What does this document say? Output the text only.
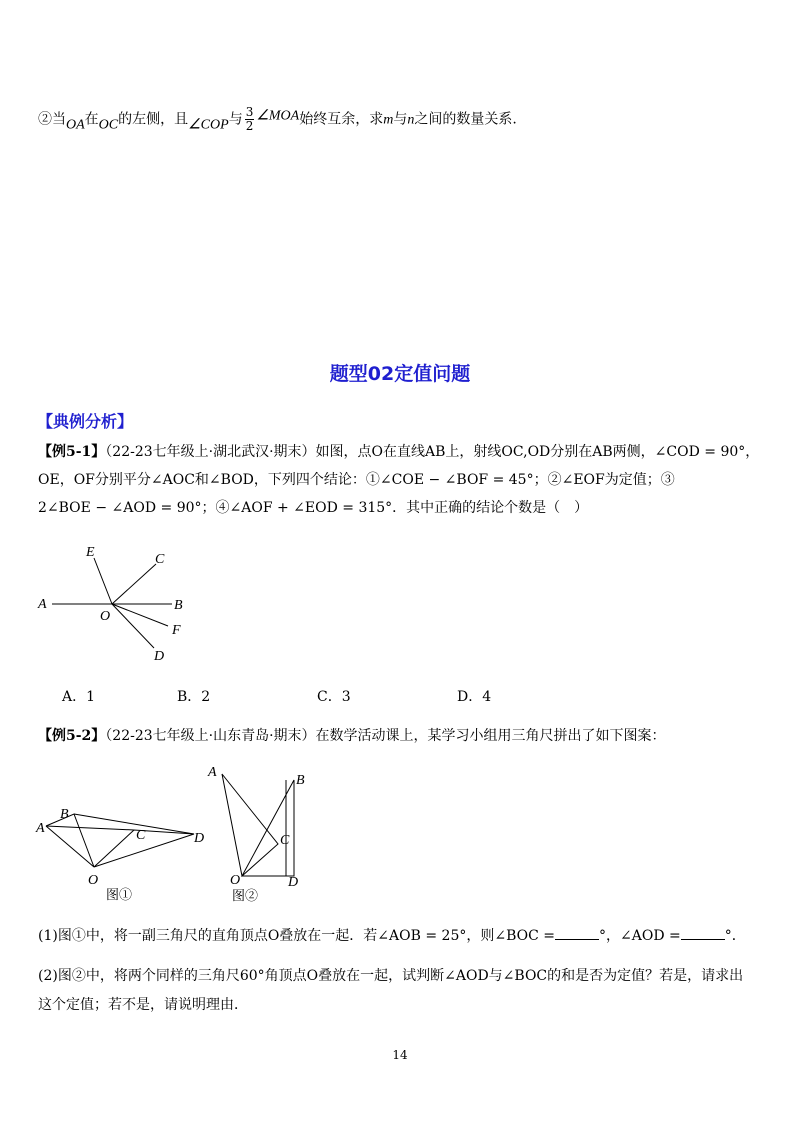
②当OA在OC的左侧，且∠COP与 $\frac{3}{2}$ ∠MOA始终互余，求m与n之间的数量关系.
题型02定值问题
【典例分析】
【例5-1】（22-23七年级上·湖北武汉·期末）如图，点O在直线AB上，射线OC,OD分别在AB两侧，∠COD = 90°，
OE，OF分别平分∠AOC和∠BOD，下列四个结论：①∠COE − ∠BOF = 45°；②∠EOF为定值；③
2∠BOE − ∠AOD = 90°；④∠AOF + ∠EOD = 315°．其中正确的结论个数是（　）
E	C
A
O
B
F
D
A．1	B．2	C．3	D．4
【例5-2】（22-23七年级上·山东青岛·期末）在数学活动课上，某学习小组用三角尺拼出了如下图案：
B
A	C	D
O
图①
A
B
C
O	D
图②
(1)图①中，将一副三角尺的直角顶点O叠放在一起．若∠AOB = 25°，则∠BOC =	°，∠AOD =	°．
(2)图②中，将两个同样的三角尺60°角顶点O叠放在一起，试判断∠AOD与∠BOC的和是否为定值？若是，请求出
这个定值；若不是，请说明理由．
14
